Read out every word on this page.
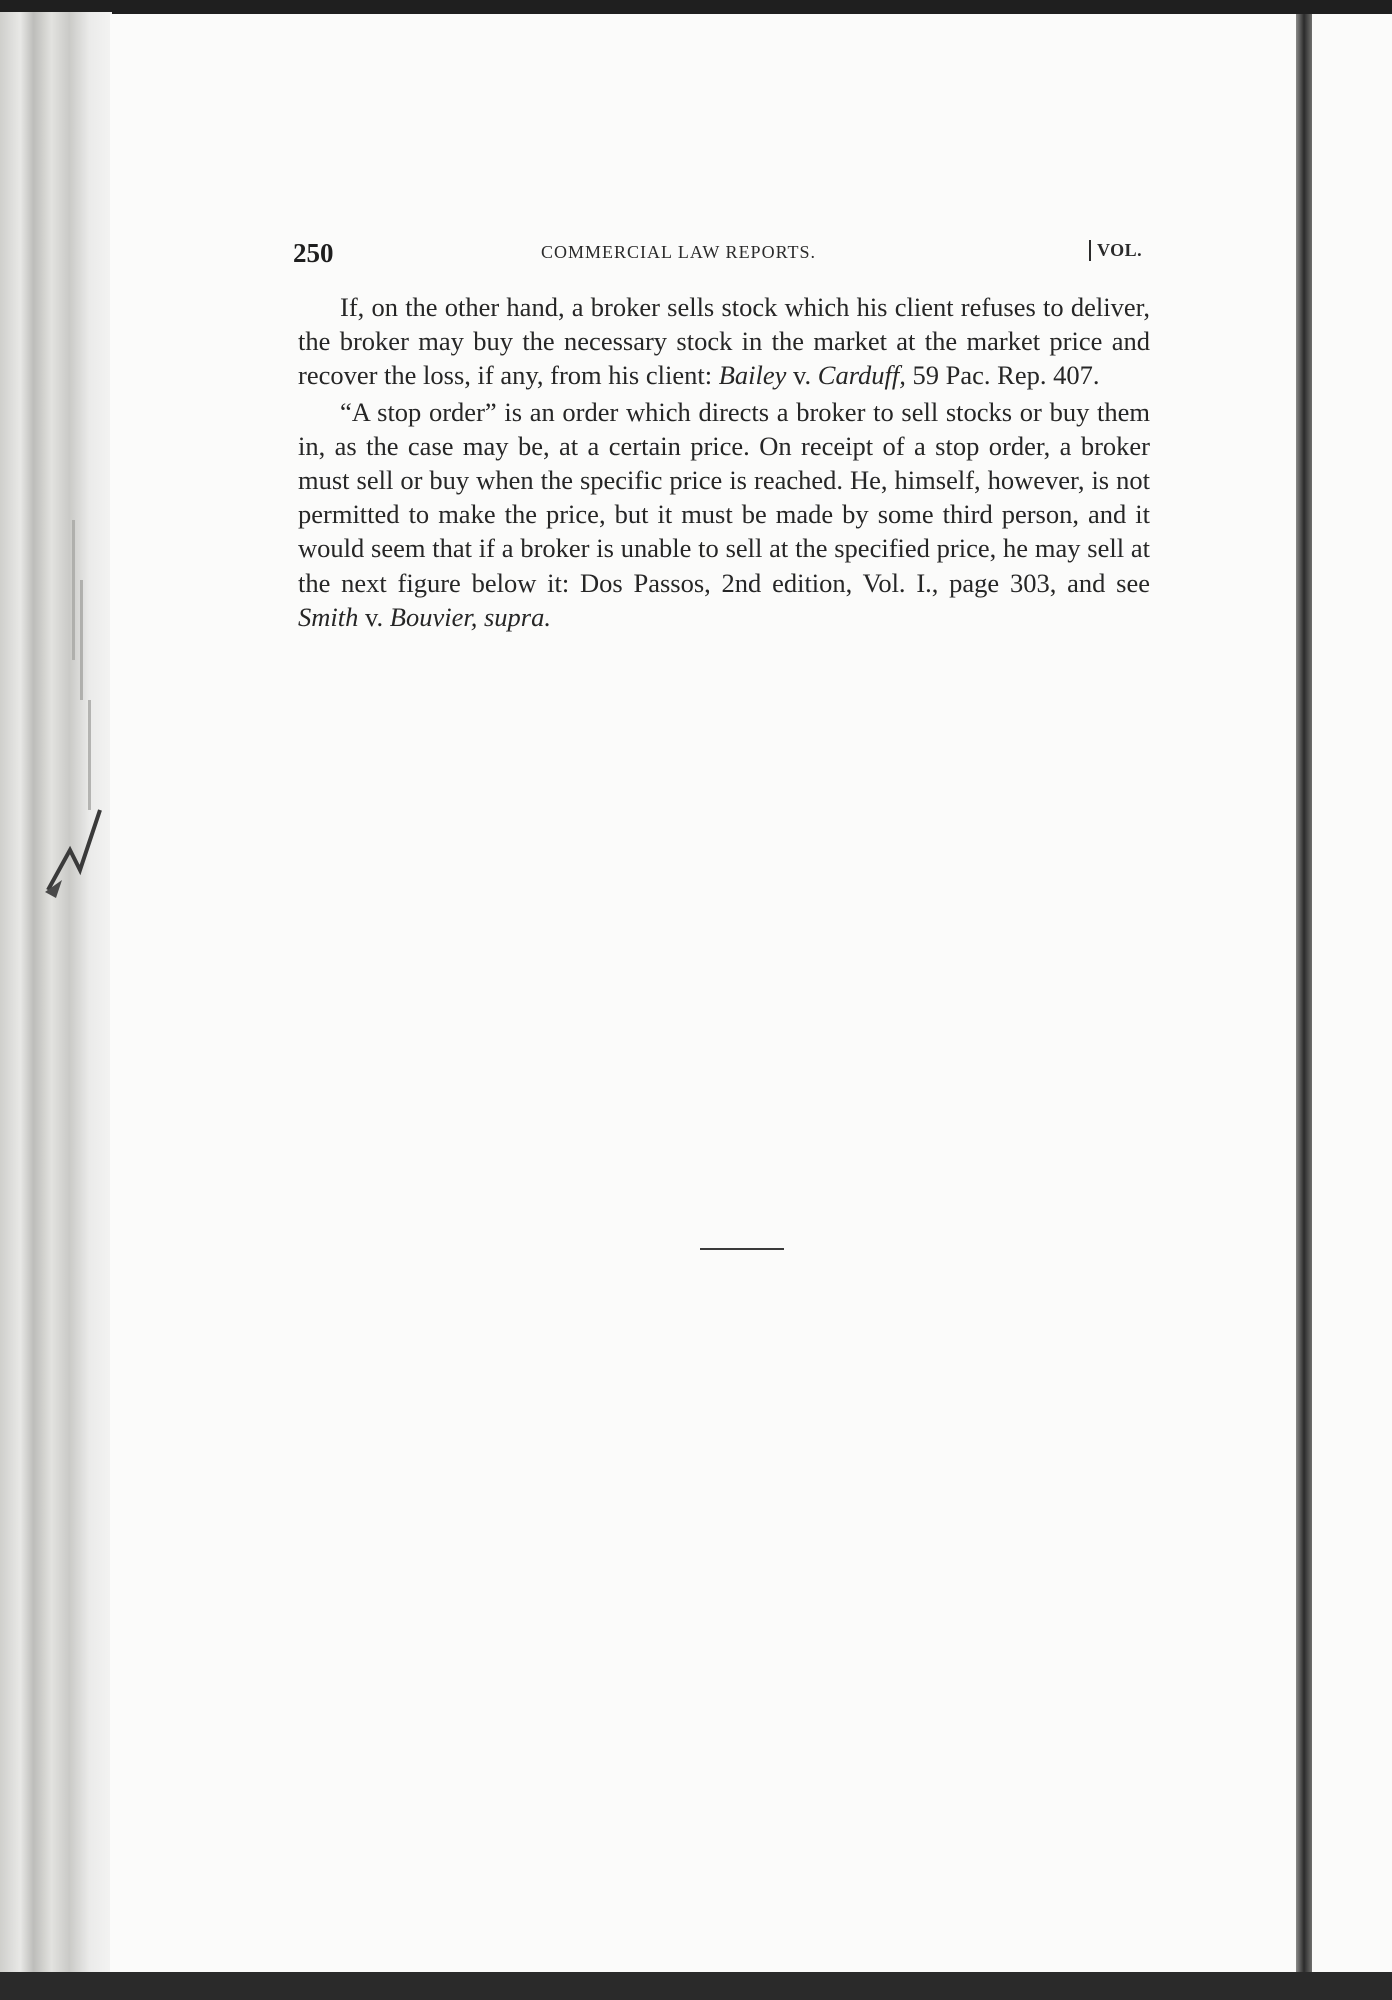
250	COMMERCIAL LAW REPORTS.	VOL.

If, on the other hand, a broker sells stock which his client refuses to deliver, the broker may buy the necessary stock in the market at the market price and recover the loss, if any, from his client: Bailey v. Carduff, 59 Pac. Rep. 407.

“A stop order” is an order which directs a broker to sell stocks or buy them in, as the case may be, at a certain price. On receipt of a stop order, a broker must sell or buy when the specific price is reached. He, himself, however, is not permitted to make the price, but it must be made by some third person, and it would seem that if a broker is unable to sell at the specified price, he may sell at the next figure below it: Dos Passos, 2nd edition, Vol. I., page 303, and see Smith v. Bouvier, supra.
